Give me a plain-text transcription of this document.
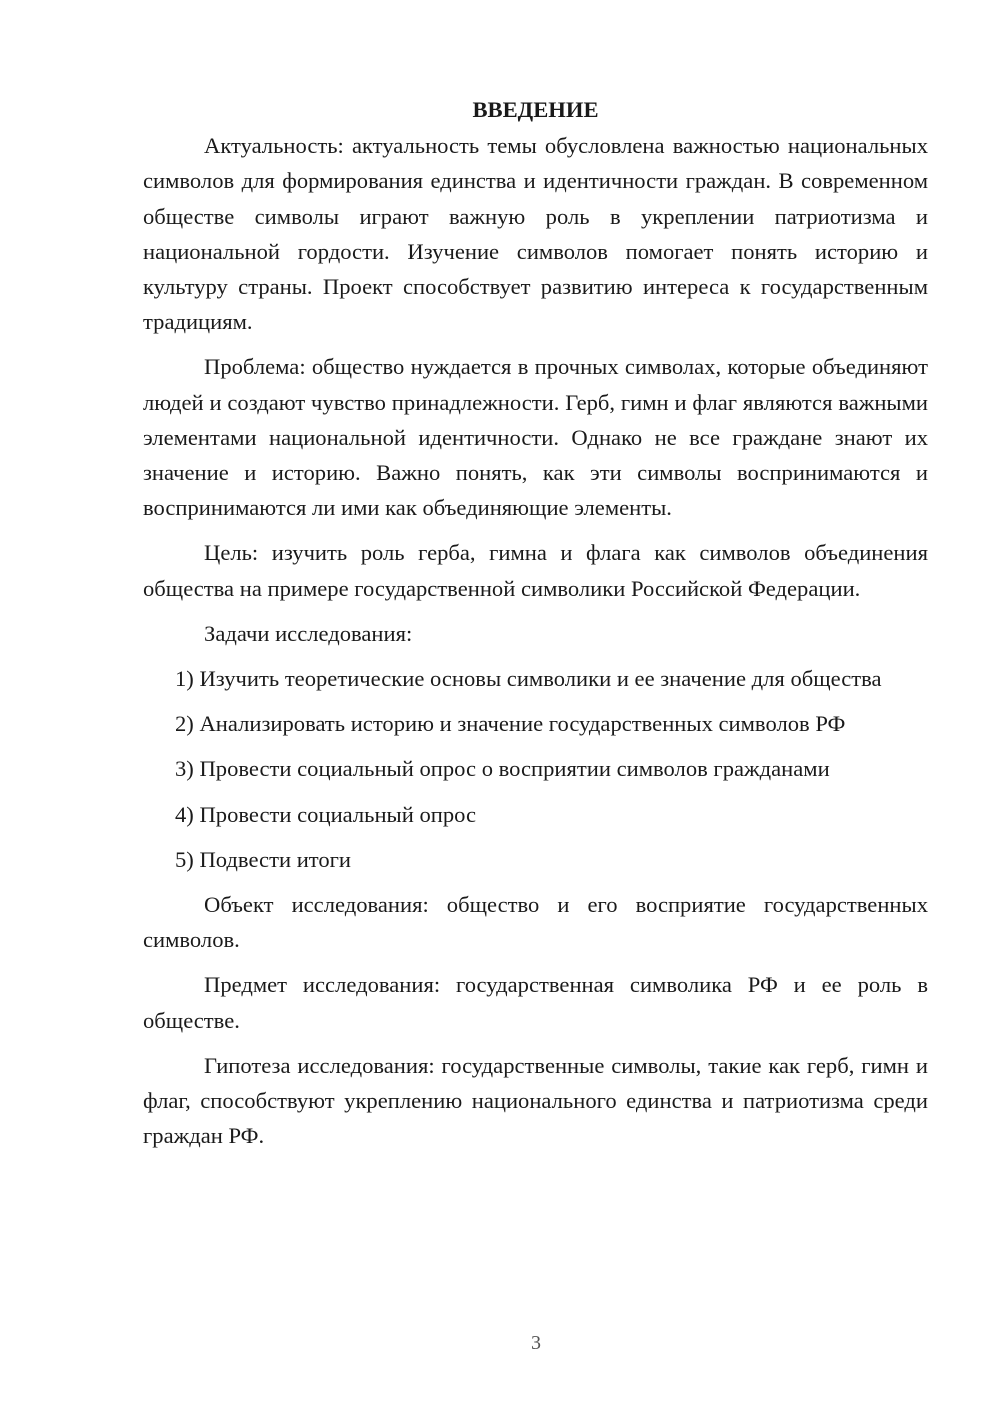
ВВЕДЕНИЕ

Актуальность: актуальность темы обусловлена важностью национальных символов для формирования единства и идентичности граждан. В современном обществе символы играют важную роль в укреплении патриотизма и национальной гордости. Изучение символов помогает понять историю и культуру страны. Проект способствует развитию интереса к государственным традициям.

Проблема: общество нуждается в прочных символах, которые объединяют людей и создают чувство принадлежности. Герб, гимн и флаг являются важными элементами национальной идентичности. Однако не все граждане знают их значение и историю. Важно понять, как эти символы воспринимаются и воспринимаются ли ими как объединяющие элементы.

Цель: изучить роль герба, гимна и флага как символов объединения общества на примере государственной символики Российской Федерации.

Задачи исследования:

1) Изучить теоретические основы символики и ее значение для общества

2) Анализировать историю и значение государственных символов РФ

3) Провести социальный опрос о восприятии символов гражданами

4) Провести социальный опрос

5) Подвести итоги

Объект исследования: общество и его восприятие государственных символов.

Предмет исследования: государственная символика РФ и ее роль в обществе.

Гипотеза исследования: государственные символы, такие как герб, гимн и флаг, способствуют укреплению национального единства и патриотизма среди граждан РФ.

3
